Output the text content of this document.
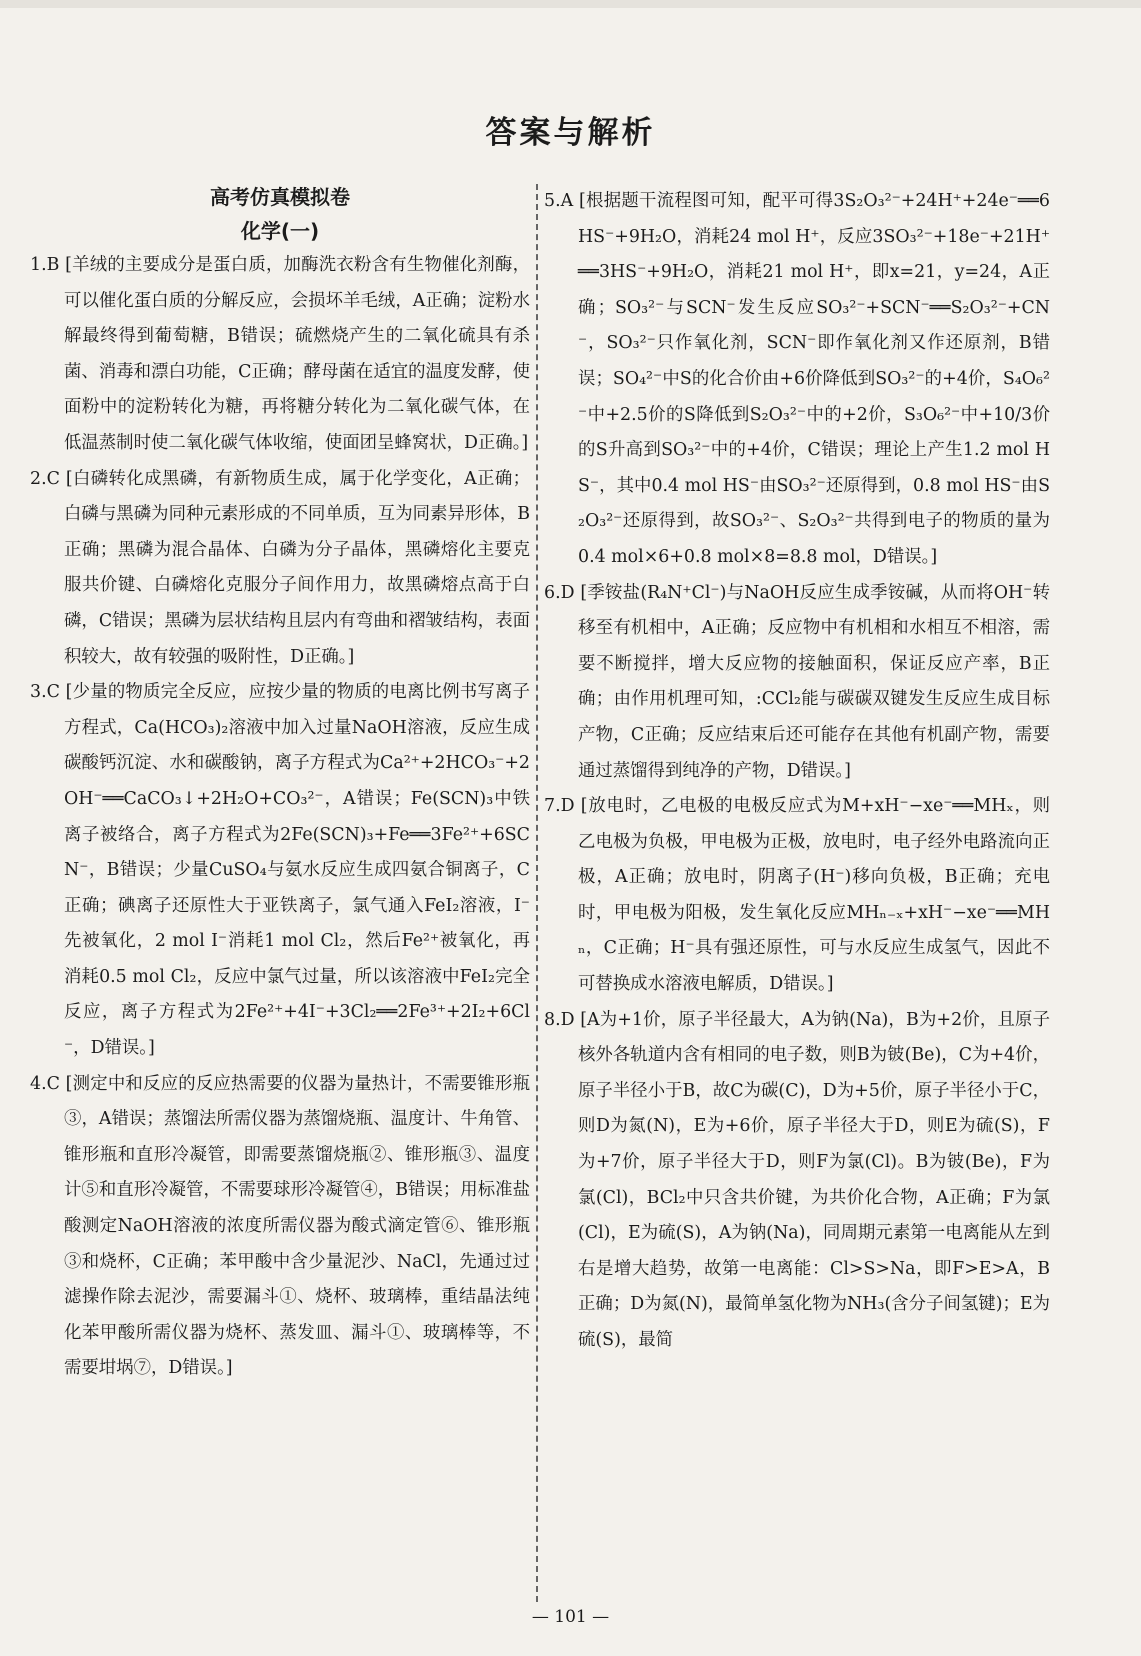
答案与解析
高考仿真模拟卷
化学(一)

1.B [羊绒的主要成分是蛋白质，加酶洗衣粉含有生物催化剂酶，可以催化蛋白质的分解反应，会损坏羊毛绒，A正确；淀粉水解最终得到葡萄糖，B错误；硫燃烧产生的二氧化硫具有杀菌、消毒和漂白功能，C正确；酵母菌在适宜的温度发酵，使面粉中的淀粉转化为糖，再将糖分转化为二氧化碳气体，在低温蒸制时使二氧化碳气体收缩，使面团呈蜂窝状，D正确。]

2.C [白磷转化成黑磷，有新物质生成，属于化学变化，A正确；白磷与黑磷为同种元素形成的不同单质，互为同素异形体，B正确；黑磷为混合晶体、白磷为分子晶体，黑磷熔化主要克服共价键、白磷熔化克服分子间作用力，故黑磷熔点高于白磷，C错误；黑磷为层状结构且层内有弯曲和褶皱结构，表面积较大，故有较强的吸附性，D正确。]

3.C [少量的物质完全反应，应按少量的物质的电离比例书写离子方程式，Ca(HCO₃)₂溶液中加入过量NaOH溶液，反应生成碳酸钙沉淀、水和碳酸钠，离子方程式为Ca²⁺+2HCO₃⁻+2OH⁻══CaCO₃↓+2H₂O+CO₃²⁻，A错误；Fe(SCN)₃中铁离子被络合，离子方程式为2Fe(SCN)₃+Fe══3Fe²⁺+6SCN⁻，B错误；少量CuSO₄与氨水反应生成四氨合铜离子，C正确；碘离子还原性大于亚铁离子，氯气通入FeI₂溶液，I⁻先被氧化，2 mol I⁻消耗1 mol Cl₂，然后Fe²⁺被氧化，再消耗0.5 mol Cl₂，反应中氯气过量，所以该溶液中FeI₂完全反应，离子方程式为2Fe²⁺+4I⁻+3Cl₂══2Fe³⁺+2I₂+6Cl⁻，D错误。]

4.C [测定中和反应的反应热需要的仪器为量热计，不需要锥形瓶③，A错误；蒸馏法所需仪器为蒸馏烧瓶、温度计、牛角管、锥形瓶和直形冷凝管，即需要蒸馏烧瓶②、锥形瓶③、温度计⑤和直形冷凝管，不需要球形冷凝管④，B错误；用标准盐酸测定NaOH溶液的浓度所需仪器为酸式滴定管⑥、锥形瓶③和烧杯，C正确；苯甲酸中含少量泥沙、NaCl，先通过过滤操作除去泥沙，需要漏斗①、烧杯、玻璃棒，重结晶法纯化苯甲酸所需仪器为烧杯、蒸发皿、漏斗①、玻璃棒等，不需要坩埚⑦，D错误。]

5.A [根据题干流程图可知，配平可得3S₂O₃²⁻+24H⁺+24e⁻══6HS⁻+9H₂O，消耗24 mol H⁺，反应3SO₃²⁻+18e⁻+21H⁺══3HS⁻+9H₂O，消耗21 mol H⁺，即x=21，y=24，A正确；SO₃²⁻与SCN⁻发生反应SO₃²⁻+SCN⁻══S₂O₃²⁻+CN⁻，SO₃²⁻只作氧化剂，SCN⁻即作氧化剂又作还原剂，B错误；SO₄²⁻中S的化合价由+6价降低到SO₃²⁻的+4价，S₄O₆²⁻中+2.5价的S降低到S₂O₃²⁻中的+2价，S₃O₆²⁻中+10/3价的S升高到SO₃²⁻中的+4价，C错误；理论上产生1.2 mol HS⁻，其中0.4 mol HS⁻由SO₃²⁻还原得到，0.8 mol HS⁻由S₂O₃²⁻还原得到，故SO₃²⁻、S₂O₃²⁻共得到电子的物质的量为0.4 mol×6+0.8 mol×8=8.8 mol，D错误。]

6.D [季铵盐(R₄N⁺Cl⁻)与NaOH反应生成季铵碱，从而将OH⁻转移至有机相中，A正确；反应物中有机相和水相互不相溶，需要不断搅拌，增大反应物的接触面积，保证反应产率，B正确；由作用机理可知，:CCl₂能与碳碳双键发生反应生成目标产物，C正确；反应结束后还可能存在其他有机副产物，需要通过蒸馏得到纯净的产物，D错误。]

7.D [放电时，乙电极的电极反应式为M+xH⁻−xe⁻══MHₓ，则乙电极为负极，甲电极为正极，放电时，电子经外电路流向正极，A正确；放电时，阴离子(H⁻)移向负极，B正确；充电时，甲电极为阳极，发生氧化反应MHₙ₋ₓ+xH⁻−xe⁻══MHₙ，C正确；H⁻具有强还原性，可与水反应生成氢气，因此不可替换成水溶液电解质，D错误。]

8.D [A为+1价，原子半径最大，A为钠(Na)，B为+2价，且原子核外各轨道内含有相同的电子数，则B为铍(Be)，C为+4价，原子半径小于B，故C为碳(C)，D为+5价，原子半径小于C，则D为氮(N)，E为+6价，原子半径大于D，则E为硫(S)，F为+7价，原子半径大于D，则F为氯(Cl)。B为铍(Be)，F为氯(Cl)，BCl₂中只含共价键，为共价化合物，A正确；F为氯(Cl)，E为硫(S)，A为钠(Na)，同周期元素第一电离能从左到右是增大趋势，故第一电离能：Cl>S>Na，即F>E>A，B正确；D为氮(N)，最简单氢化物为NH₃(含分子间氢键)；E为硫(S)，最简

— 101 —
